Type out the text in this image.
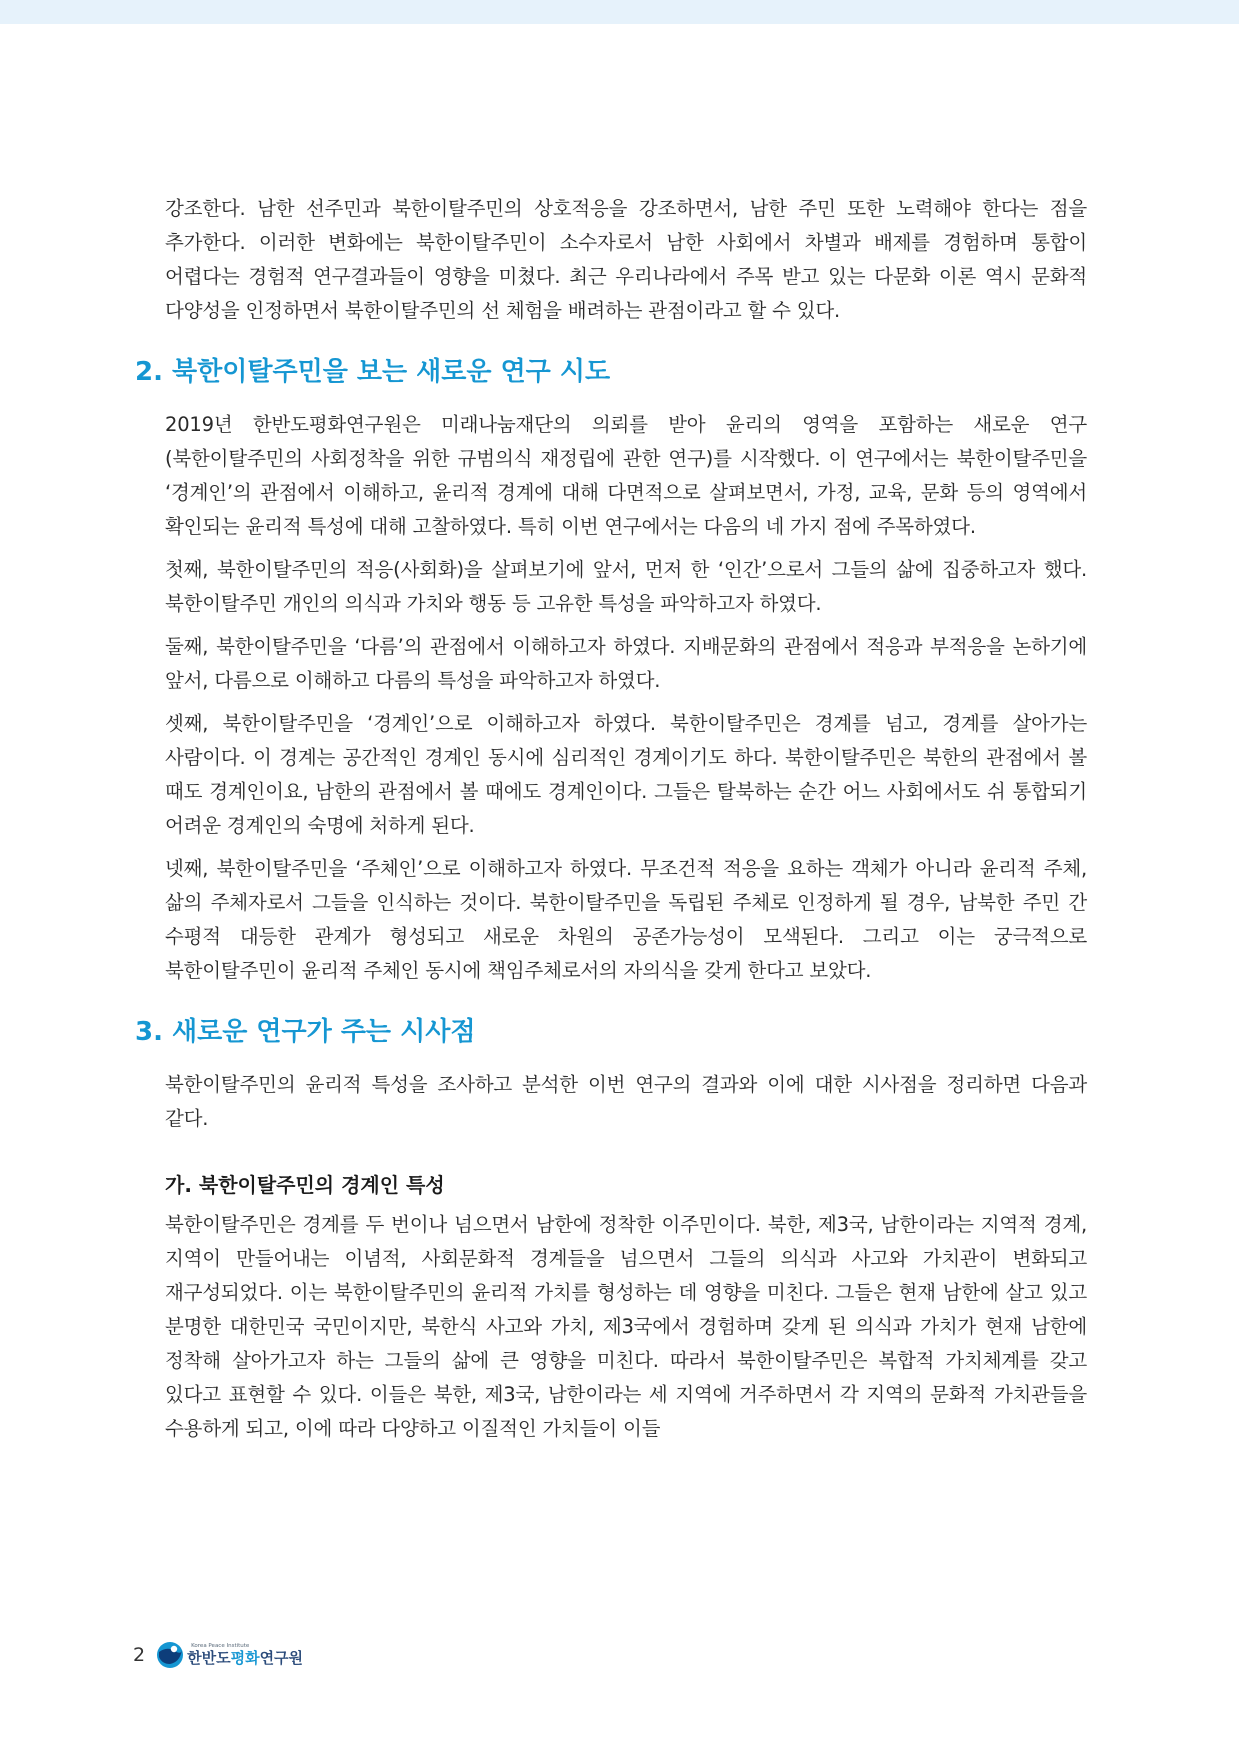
강조한다. 남한 선주민과 북한이탈주민의 상호적응을 강조하면서, 남한 주민 또한 노력해야 한다는 점을 추가한다. 이러한 변화에는 북한이탈주민이 소수자로서 남한 사회에서 차별과 배제를 경험하며 통합이 어렵다는 경험적 연구결과들이 영향을 미쳤다. 최근 우리나라에서 주목 받고 있는 다문화 이론 역시 문화적 다양성을 인정하면서 북한이탈주민의 선 체험을 배려하는 관점이라고 할 수 있다.

2. 북한이탈주민을 보는 새로운 연구 시도

2019년 한반도평화연구원은 미래나눔재단의 의뢰를 받아 윤리의 영역을 포함하는 새로운 연구(북한이탈주민의 사회정착을 위한 규범의식 재정립에 관한 연구)를 시작했다. 이 연구에서는 북한이탈주민을 ‘경계인’의 관점에서 이해하고, 윤리적 경계에 대해 다면적으로 살펴보면서, 가정, 교육, 문화 등의 영역에서 확인되는 윤리적 특성에 대해 고찰하였다. 특히 이번 연구에서는 다음의 네 가지 점에 주목하였다.

첫째, 북한이탈주민의 적응(사회화)을 살펴보기에 앞서, 먼저 한 ‘인간’으로서 그들의 삶에 집중하고자 했다. 북한이탈주민 개인의 의식과 가치와 행동 등 고유한 특성을 파악하고자 하였다.

둘째, 북한이탈주민을 ‘다름’의 관점에서 이해하고자 하였다. 지배문화의 관점에서 적응과 부적응을 논하기에 앞서, 다름으로 이해하고 다름의 특성을 파악하고자 하였다.

셋째, 북한이탈주민을 ‘경계인’으로 이해하고자 하였다. 북한이탈주민은 경계를 넘고, 경계를 살아가는 사람이다. 이 경계는 공간적인 경계인 동시에 심리적인 경계이기도 하다. 북한이탈주민은 북한의 관점에서 볼 때도 경계인이요, 남한의 관점에서 볼 때에도 경계인이다. 그들은 탈북하는 순간 어느 사회에서도 쉬 통합되기 어려운 경계인의 숙명에 처하게 된다.

넷째, 북한이탈주민을 ‘주체인’으로 이해하고자 하였다. 무조건적 적응을 요하는 객체가 아니라 윤리적 주체, 삶의 주체자로서 그들을 인식하는 것이다. 북한이탈주민을 독립된 주체로 인정하게 될 경우, 남북한 주민 간 수평적 대등한 관계가 형성되고 새로운 차원의 공존가능성이 모색된다. 그리고 이는 궁극적으로 북한이탈주민이 윤리적 주체인 동시에 책임주체로서의 자의식을 갖게 한다고 보았다.

3. 새로운 연구가 주는 시사점

북한이탈주민의 윤리적 특성을 조사하고 분석한 이번 연구의 결과와 이에 대한 시사점을 정리하면 다음과 같다.

가. 북한이탈주민의 경계인 특성

북한이탈주민은 경계를 두 번이나 넘으면서 남한에 정착한 이주민이다. 북한, 제3국, 남한이라는 지역적 경계, 지역이 만들어내는 이념적, 사회문화적 경계들을 넘으면서 그들의 의식과 사고와 가치관이 변화되고 재구성되었다. 이는 북한이탈주민의 윤리적 가치를 형성하는 데 영향을 미친다. 그들은 현재 남한에 살고 있고 분명한 대한민국 국민이지만, 북한식 사고와 가치, 제3국에서 경험하며 갖게 된 의식과 가치가 현재 남한에 정착해 살아가고자 하는 그들의 삶에 큰 영향을 미친다. 따라서 북한이탈주민은 복합적 가치체계를 갖고 있다고 표현할 수 있다. 이들은 북한, 제3국, 남한이라는 세 지역에 거주하면서 각 지역의 문화적 가치관들을 수용하게 되고, 이에 따라 다양하고 이질적인 가치들이 이들

2	Korea Peace Institute
한반도평화연구원
